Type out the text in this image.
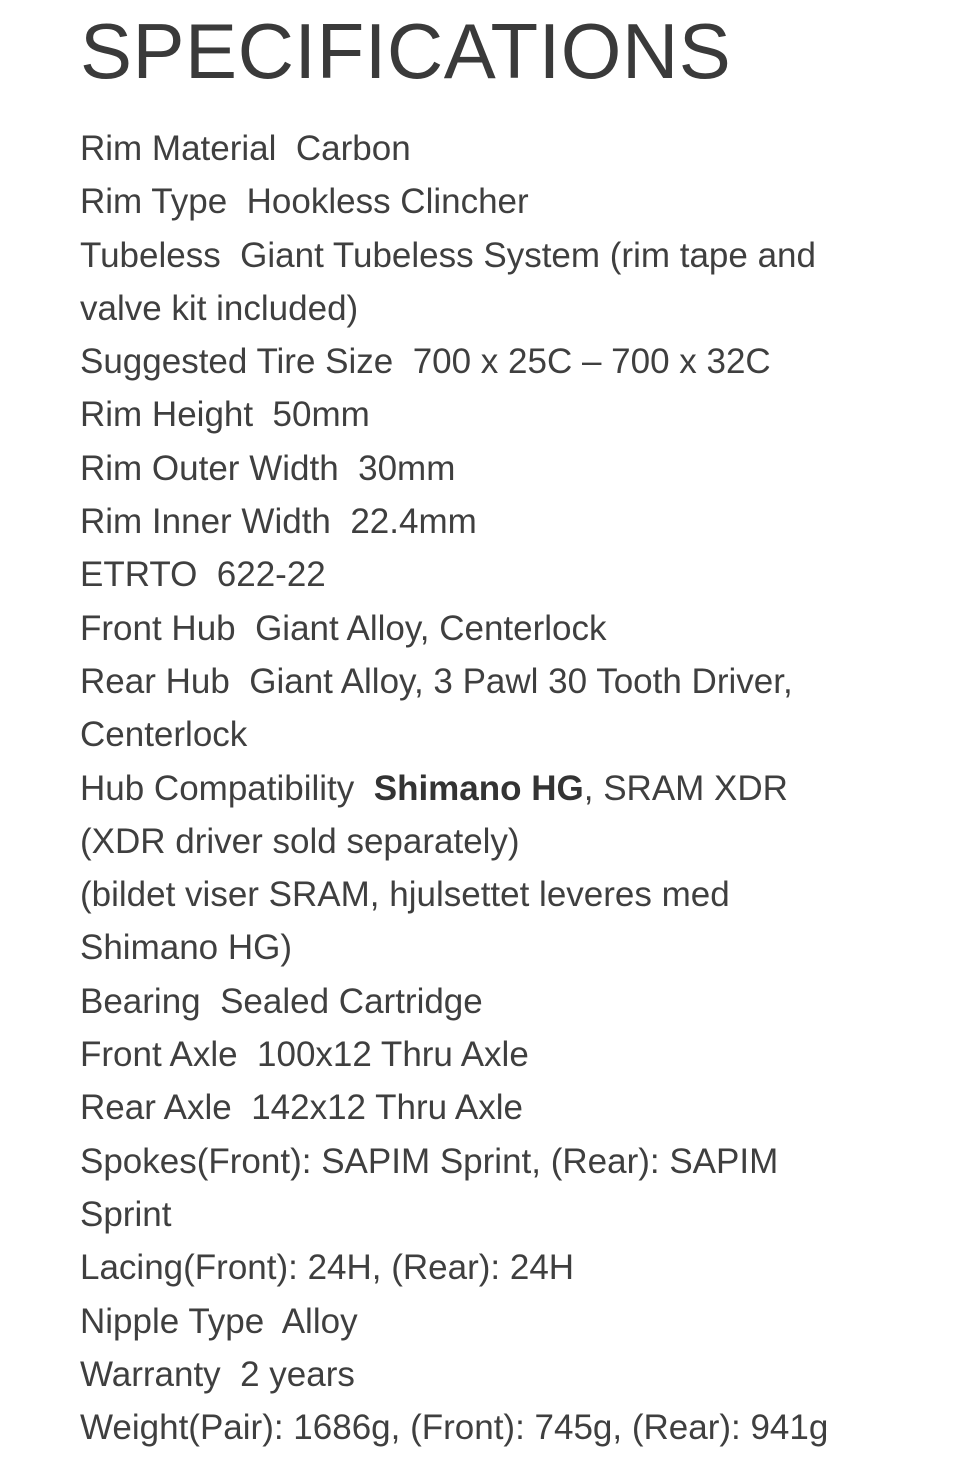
SPECIFICATIONS
Rim Material  Carbon
Rim Type  Hookless Clincher
Tubeless  Giant Tubeless System (rim tape and
valve kit included)
Suggested Tire Size  700 x 25C – 700 x 32C
Rim Height  50mm
Rim Outer Width  30mm
Rim Inner Width  22.4mm
ETRTO  622-22
Front Hub  Giant Alloy, Centerlock
Rear Hub  Giant Alloy, 3 Pawl 30 Tooth Driver,
Centerlock
Hub Compatibility  Shimano HG, SRAM XDR
(XDR driver sold separately)
(bildet viser SRAM, hjulsettet leveres med
Shimano HG)
Bearing  Sealed Cartridge
Front Axle  100x12 Thru Axle
Rear Axle  142x12 Thru Axle
Spokes(Front): SAPIM Sprint, (Rear): SAPIM
Sprint
Lacing(Front): 24H, (Rear): 24H
Nipple Type  Alloy
Warranty  2 years
Weight(Pair): 1686g, (Front): 745g, (Rear): 941g
